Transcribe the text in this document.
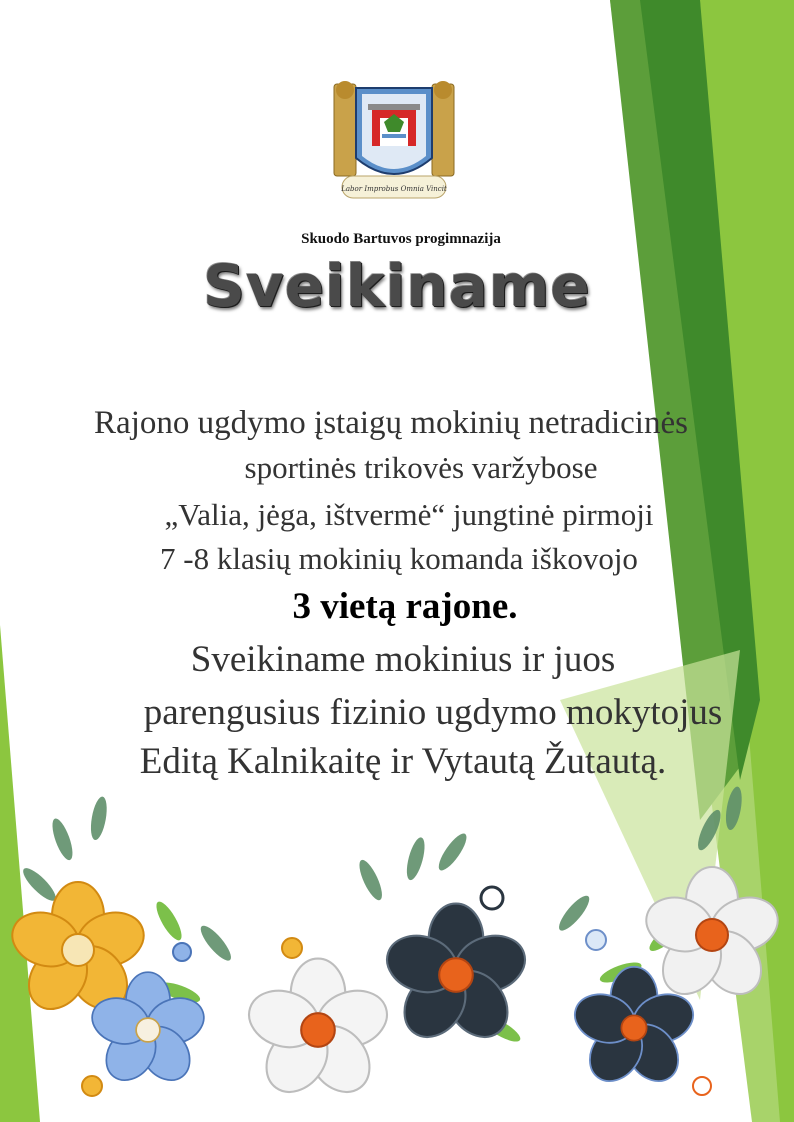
Labor Improbus Omnia Vincit
Skuodo Bartuvos progimnazija
Sveikiname
Rajono ugdymo įstaigų mokinių netradicinės
sportinės trikovės varžybose
„Valia, jėga, ištvermė“ jungtinė pirmoji
7 -8 klasių mokinių komanda iškovojo
3 vietą rajone.
Sveikiname mokinius ir juos
parengusius fizinio ugdymo mokytojus
Editą Kalnikaitę ir Vytautą Žutautą.
